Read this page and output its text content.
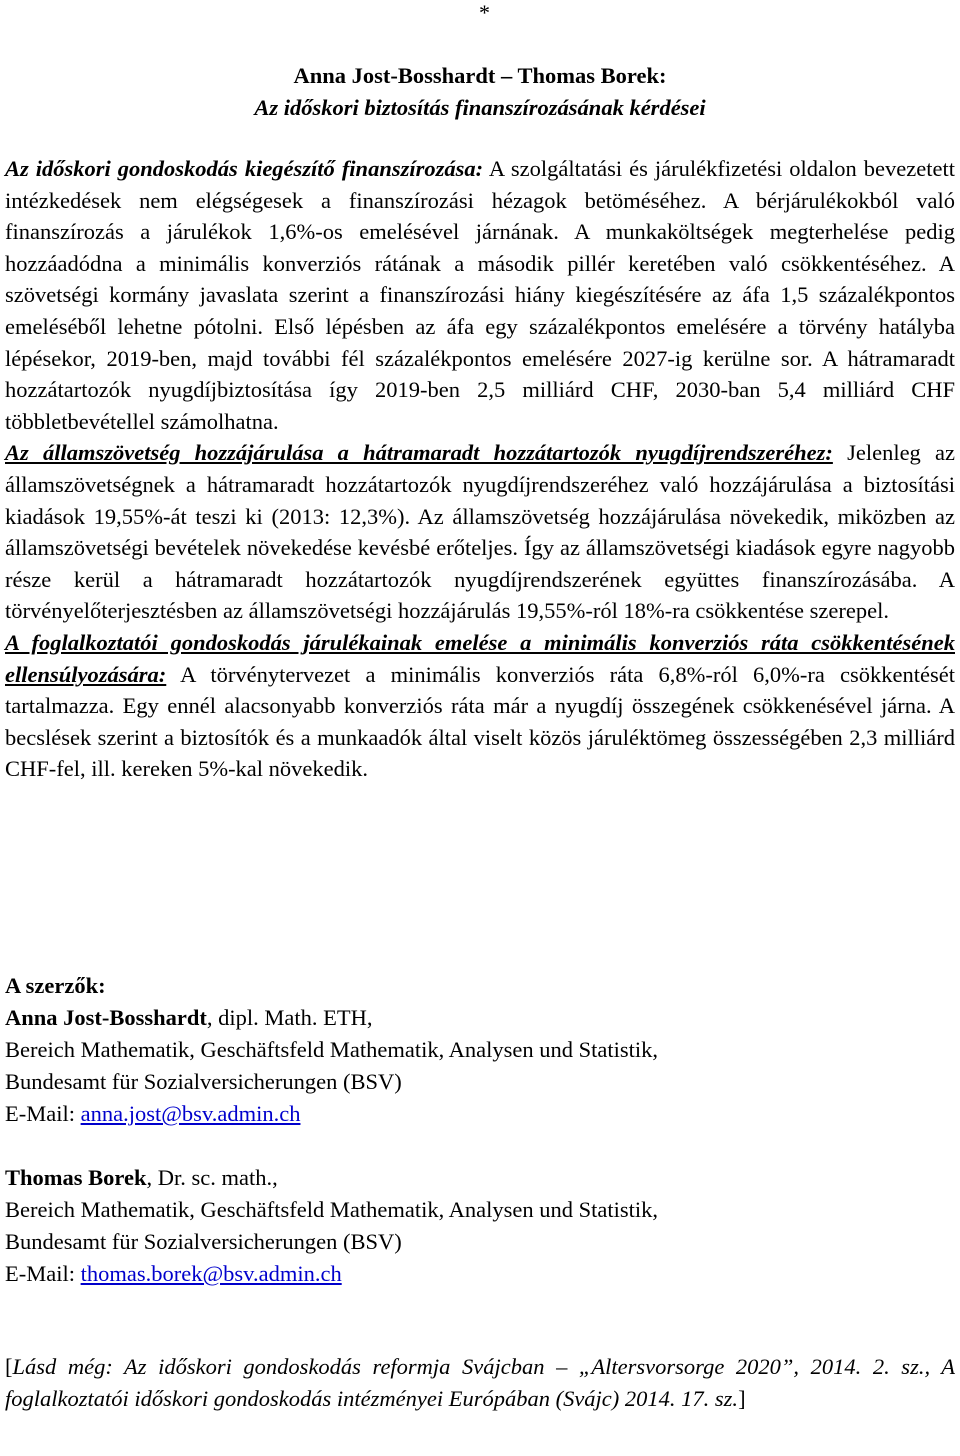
*
Anna Jost-Bosshardt – Thomas Borek:
Az időskori biztosítás finanszírozásának kérdései

Az időskori gondoskodás kiegészítő finanszírozása: A szolgáltatási és járulékfizetési oldalon bevezetett intézkedések nem elégségesek a finanszírozási hézagok betöméséhez. A bérjárulékokból való finanszírozás a járulékok 1,6%-os emelésével járnának. A munkaköltségek megterhelése pedig hozzáadódna a minimális konverziós rátának a második pillér keretében való csökkentéséhez. A szövetségi kormány javaslata szerint a finanszírozási hiány kiegészítésére az áfa 1,5 százalékpontos emeléséből lehetne pótolni. Első lépésben az áfa egy százalékpontos emelésére a törvény hatályba lépésekor, 2019-ben, majd további fél százalékpontos emelésére 2027-ig kerülne sor. A hátramaradt hozzátartozók nyugdíjbiztosítása így 2019-ben 2,5 milliárd CHF, 2030-ban 5,4 milliárd CHF többletbevétellel számolhatna.

Az államszövetség hozzájárulása a hátramaradt hozzátartozók nyugdíjrendszeréhez: Jelenleg az államszövetségnek a hátramaradt hozzátartozók nyugdíjrendszeréhez való hozzájárulása a biztosítási kiadások 19,55%-át teszi ki (2013: 12,3%). Az államszövetség hozzájárulása növekedik, miközben az államszövetségi bevételek növekedése kevésbé erőteljes. Így az államszövetségi kiadások egyre nagyobb része kerül a hátramaradt hozzátartozók nyugdíjrendszerének együttes finanszírozásába. A törvényelőterjesztésben az államszövetségi hozzájárulás 19,55%-ról 18%-ra csökkentése szerepel.

A foglalkoztatói gondoskodás járulékainak emelése a minimális konverziós ráta csökkentésének ellensúlyozására: A törvénytervezet a minimális konverziós ráta 6,8%-ról 6,0%-ra csökkentését tartalmazza. Egy ennél alacsonyabb konverziós ráta már a nyugdíj összegének csökkenésével járna. A becslések szerint a biztosítók és a munkaadók által viselt közös járuléktömeg összességében 2,3 milliárd CHF-fel, ill. kereken 5%-kal növekedik.

A szerzők:

Anna Jost-Bosshardt, dipl. Math. ETH,

Bereich Mathematik, Geschäftsfeld Mathematik, Analysen und Statistik,

Bundesamt für Sozialversicherungen (BSV)

E-Mail: anna.jost@bsv.admin.ch

Thomas Borek, Dr. sc. math.,

Bereich Mathematik, Geschäftsfeld Mathematik, Analysen und Statistik,

Bundesamt für Sozialversicherungen (BSV)

E-Mail: thomas.borek@bsv.admin.ch

[Lásd még: Az időskori gondoskodás reformja Svájcban – „Altersvorsorge 2020”, 2014. 2. sz., A foglalkoztatói időskori gondoskodás intézményei Európában (Svájc) 2014. 17. sz.]
